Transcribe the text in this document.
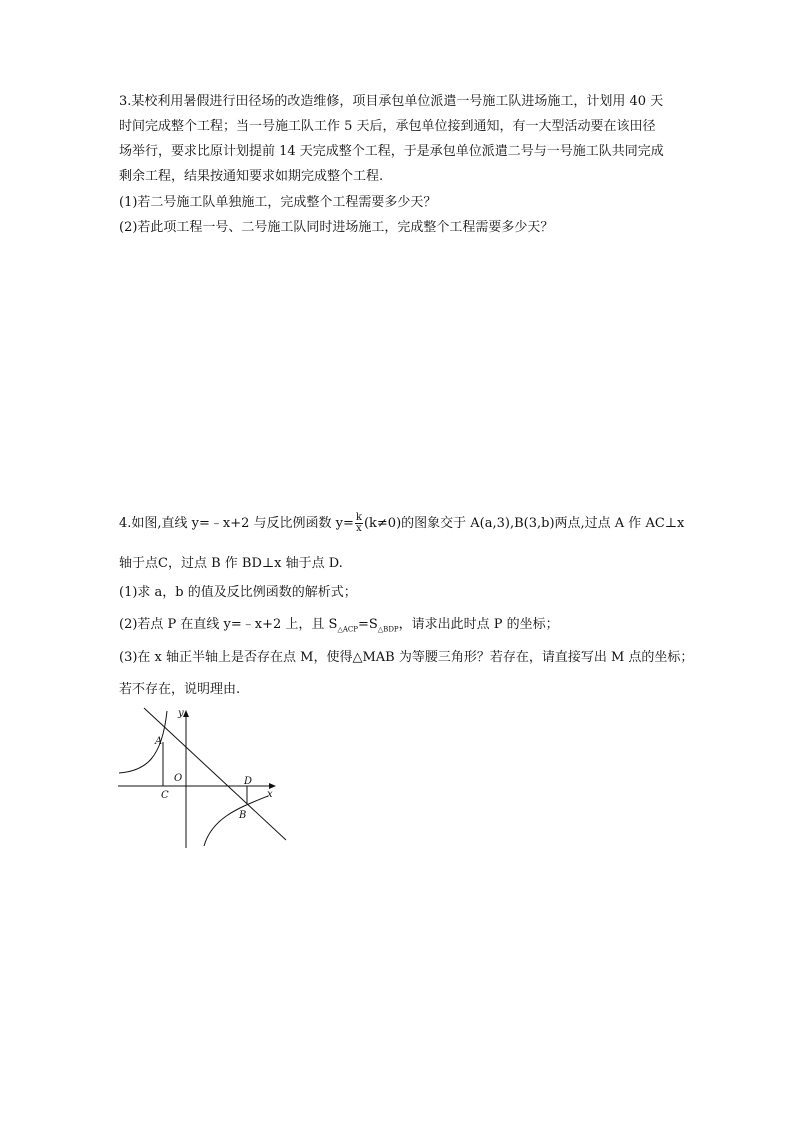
3.某校利用暑假进行田径场的改造维修，项目承包单位派遣一号施工队进场施工，计划用 40 天
时间完成整个工程；当一号施工队工作 5 天后，承包单位接到通知，有一大型活动要在该田径
场举行，要求比原计划提前 14 天完成整个工程，于是承包单位派遣二号与一号施工队共同完成
剩余工程，结果按通知要求如期完成整个工程.
(1)若二号施工队单独施工，完成整个工程需要多少天？
(2)若此项工程一号、二号施工队同时进场施工，完成整个工程需要多少天？
4.如图,直线 y=﹣x+2 与反比例函数 $y= \frac{k}{x} (k\ne 0)$的图象交于 A(a,3),B(3,b)两点,过点 A 作 AC⊥x
轴于点C，过点 B 作 BD⊥x 轴于点 D.
(1)求 a，b 的值及反比例函数的解析式；
(2)若点 P 在直线 y=﹣x+2 上，且 $S_{\triangle ACP}=S_{\triangle BDP}$，请求出此时点 P 的坐标；
(3)在 x 轴正半轴上是否存在点 M，使得△MAB 为等腰三角形？若存在，请直接写出 M 点的坐标；
若不存在，说明理由.
y
x
A
O
C
D
B
